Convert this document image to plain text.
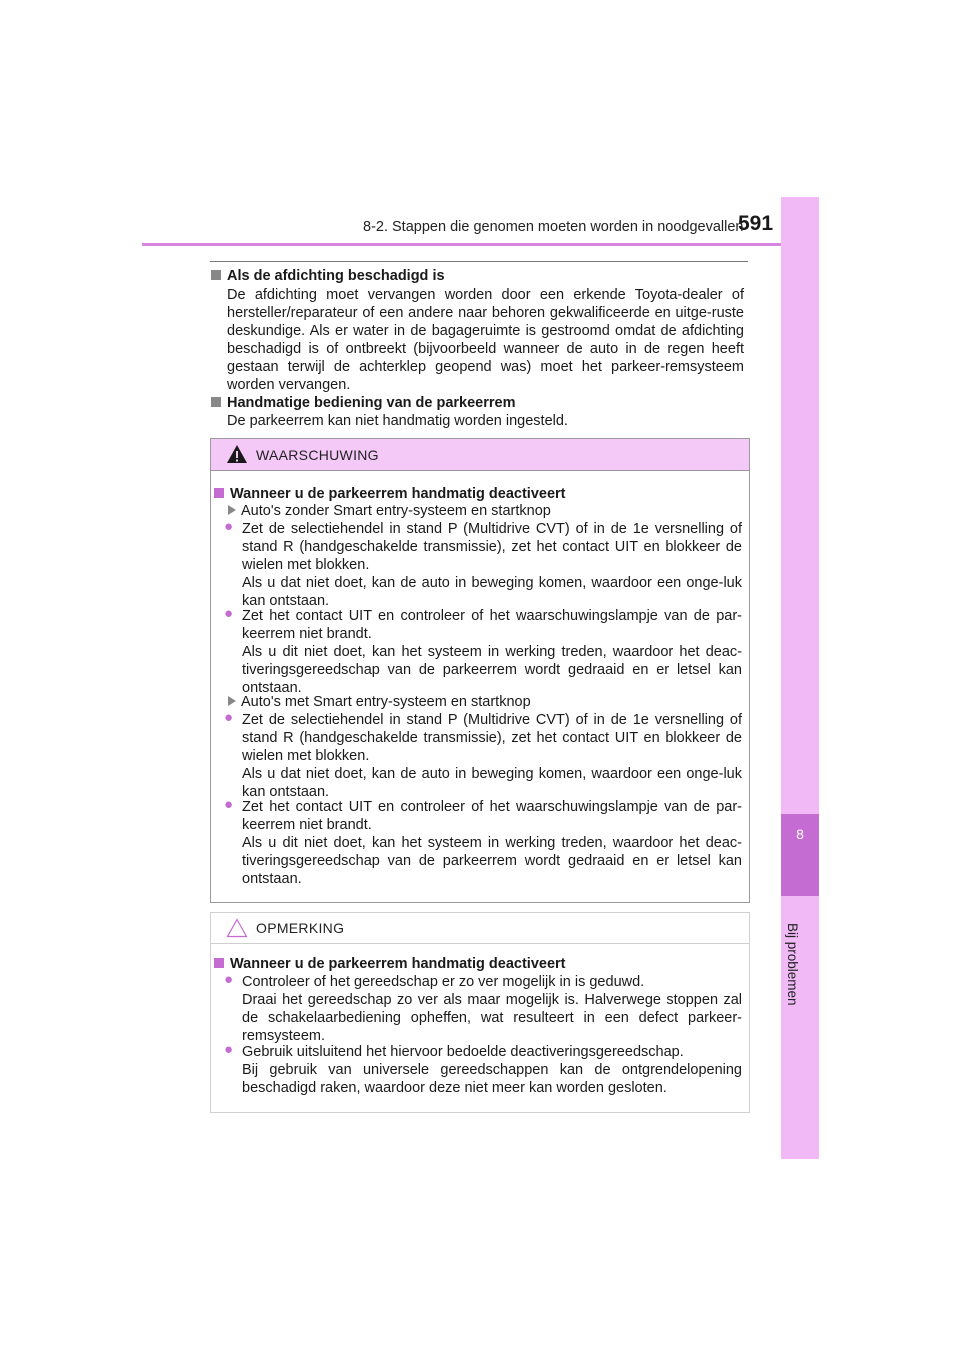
8-2. Stappen die genomen moeten worden in noodgevallen
591
8
Bij problemen
Als de afdichting beschadigd is
De afdichting moet vervangen worden door een erkende Toyota-dealer of hersteller/reparateur of een andere naar behoren gekwalificeerde en uitge-ruste deskundige. Als er water in de bagageruimte is gestroomd omdat de afdichting beschadigd is of ontbreekt (bijvoorbeeld wanneer de auto in de regen heeft gestaan terwijl de achterklep geopend was) moet het parkeer-remsysteem worden vervangen.
Handmatige bediening van de parkeerrem
De parkeerrem kan niet handmatig worden ingesteld.
WAARSCHUWING
Wanneer u de parkeerrem handmatig deactiveert
Auto's zonder Smart entry-systeem en startknop
● Zet de selectiehendel in stand P (Multidrive CVT) of in de 1e versnelling of stand R (handgeschakelde transmissie), zet het contact UIT en blokkeer de wielen met blokken.
Als u dat niet doet, kan de auto in beweging komen, waardoor een onge-luk kan ontstaan.
● Zet het contact UIT en controleer of het waarschuwingslampje van de par-keerrem niet brandt.
Als u dit niet doet, kan het systeem in werking treden, waardoor het deac-tiveringsgereedschap van de parkeerrem wordt gedraaid en er letsel kan ontstaan.
Auto's met Smart entry-systeem en startknop
● Zet de selectiehendel in stand P (Multidrive CVT) of in de 1e versnelling of stand R (handgeschakelde transmissie), zet het contact UIT en blokkeer de wielen met blokken.
Als u dat niet doet, kan de auto in beweging komen, waardoor een onge-luk kan ontstaan.
● Zet het contact UIT en controleer of het waarschuwingslampje van de par-keerrem niet brandt.
Als u dit niet doet, kan het systeem in werking treden, waardoor het deac-tiveringsgereedschap van de parkeerrem wordt gedraaid en er letsel kan ontstaan.
OPMERKING
Wanneer u de parkeerrem handmatig deactiveert
● Controleer of het gereedschap er zo ver mogelijk in is geduwd.
Draai het gereedschap zo ver als maar mogelijk is. Halverwege stoppen zal de schakelaarbediening opheffen, wat resulteert in een defect parkeer-remsysteem.
● Gebruik uitsluitend het hiervoor bedoelde deactiveringsgereedschap.
Bij gebruik van universele gereedschappen kan de ontgrendelopening beschadigd raken, waardoor deze niet meer kan worden gesloten.
